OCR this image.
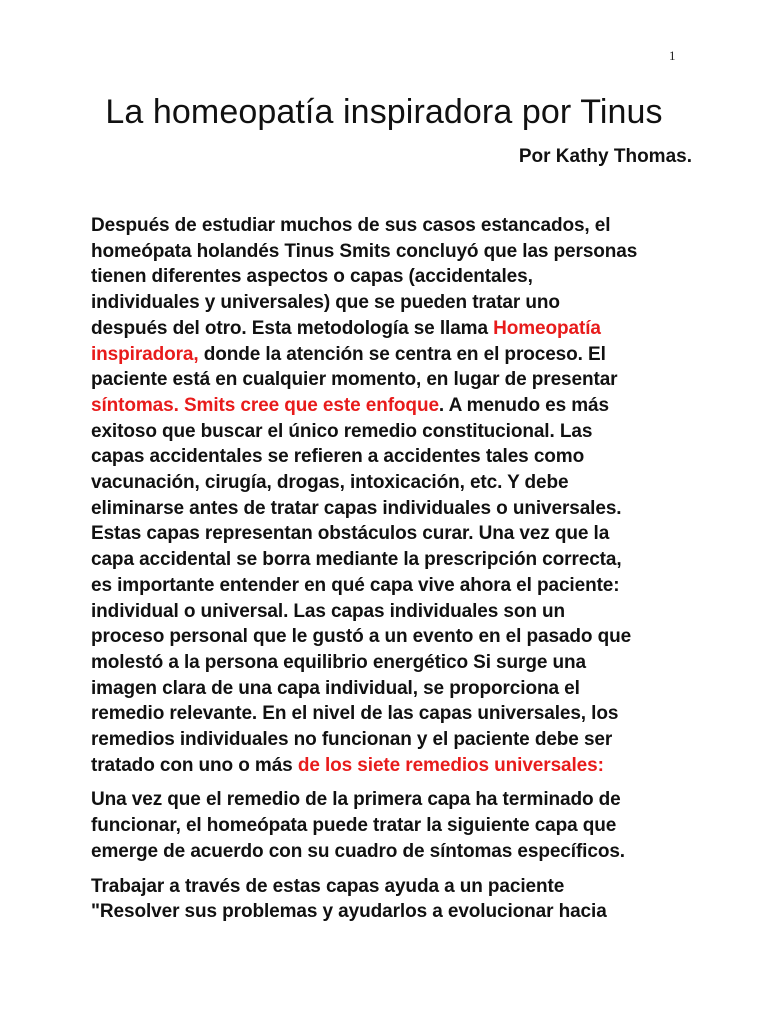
1
La homeopatía inspiradora por Tinus
Por Kathy Thomas.

Después de estudiar muchos de sus casos estancados, el
homeópata holandés Tinus Smits concluyó que las personas
tienen diferentes aspectos o capas (accidentales,
individuales y universales) que se pueden tratar uno
después del otro. Esta metodología se llama Homeopatía
inspiradora, donde la atención se centra en el proceso. El
paciente está en cualquier momento, en lugar de presentar
síntomas. Smits cree que este enfoque. A menudo es más
exitoso que buscar el único remedio constitucional. Las
capas accidentales se refieren a accidentes tales como
vacunación, cirugía, drogas, intoxicación, etc. Y debe
eliminarse antes de tratar capas individuales o universales.
Estas capas representan obstáculos curar. Una vez que la
capa accidental se borra mediante la prescripción correcta,
es importante entender en qué capa vive ahora el paciente:
individual o universal. Las capas individuales son un
proceso personal que le gustó a un evento en el pasado que
molestó a la persona equilibrio energético Si surge una
imagen clara de una capa individual, se proporciona el
remedio relevante. En el nivel de las capas universales, los
remedios individuales no funcionan y el paciente debe ser
tratado con uno o más de los siete remedios universales:

Una vez que el remedio de la primera capa ha terminado de
funcionar, el homeópata puede tratar la siguiente capa que
emerge de acuerdo con su cuadro de síntomas específicos.

Trabajar a través de estas capas ayuda a un paciente
"Resolver sus problemas y ayudarlos a evolucionar hacia
